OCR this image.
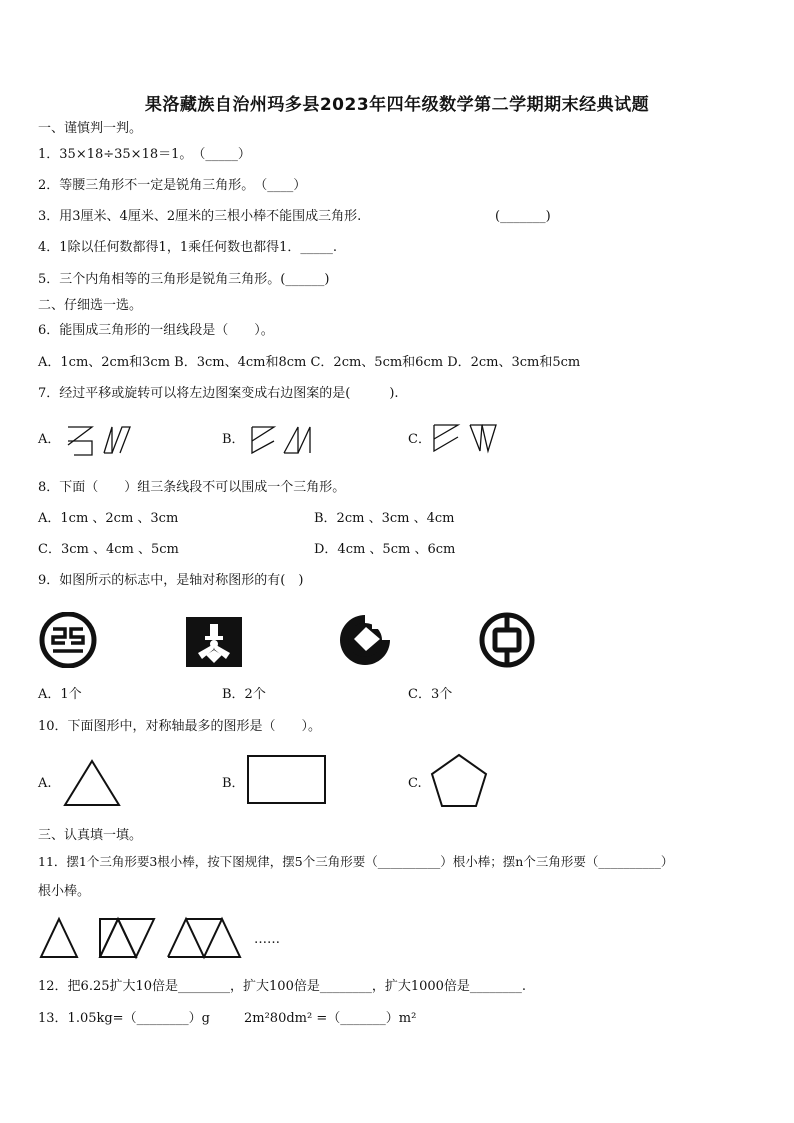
果洛藏族自治州玛多县2023年四年级数学第二学期期末经典试题
一、谨慎判一判。
1．35×18÷35×18＝1。　（_____）
2．等腰三角形不一定是锐角三角形。　（____）
3．用3厘米、4厘米、2厘米的三根小棒不能围成三角形.	(_______)
4．1除以任何数都得1，1乘任何数也都得1．_____.
5．三个内角相等的三角形是锐角三角形。(______)
二、仔细选一选。
6．能围成三角形的一组线段是（　　）。
A．1cm、2cm和3cm B．3cm、4cm和8cm C．2cm、5cm和6cm D．2cm、3cm和5cm
7．经过平移或旋转可以将左边图案变成右边图案的是(　　　).
A．	B．	C．
8．下面（　　）组三条线段不可以围成一个三角形。
A．1cm 、2cm 、3cm	B．2cm 、3cm 、4cm
C．3cm 、4cm 、5cm	D．4cm 、5cm 、6cm
9．如图所示的标志中，是轴对称图形的有(　)
A．1个	B．2个	C．3个
10．下面图形中，对称轴最多的图形是（　　）。
A.	B．	C.
三、认真填一填。
11．摆1个三角形要3根小棒，按下图规律，摆5个三角形要（__________）根小棒；摆n个三角形要（__________）
根小棒。
……
12．把6.25扩大10倍是________，扩大100倍是________，扩大1000倍是________.
13．1.05kg=（________）g	2m²80dm² =（_______）m²
